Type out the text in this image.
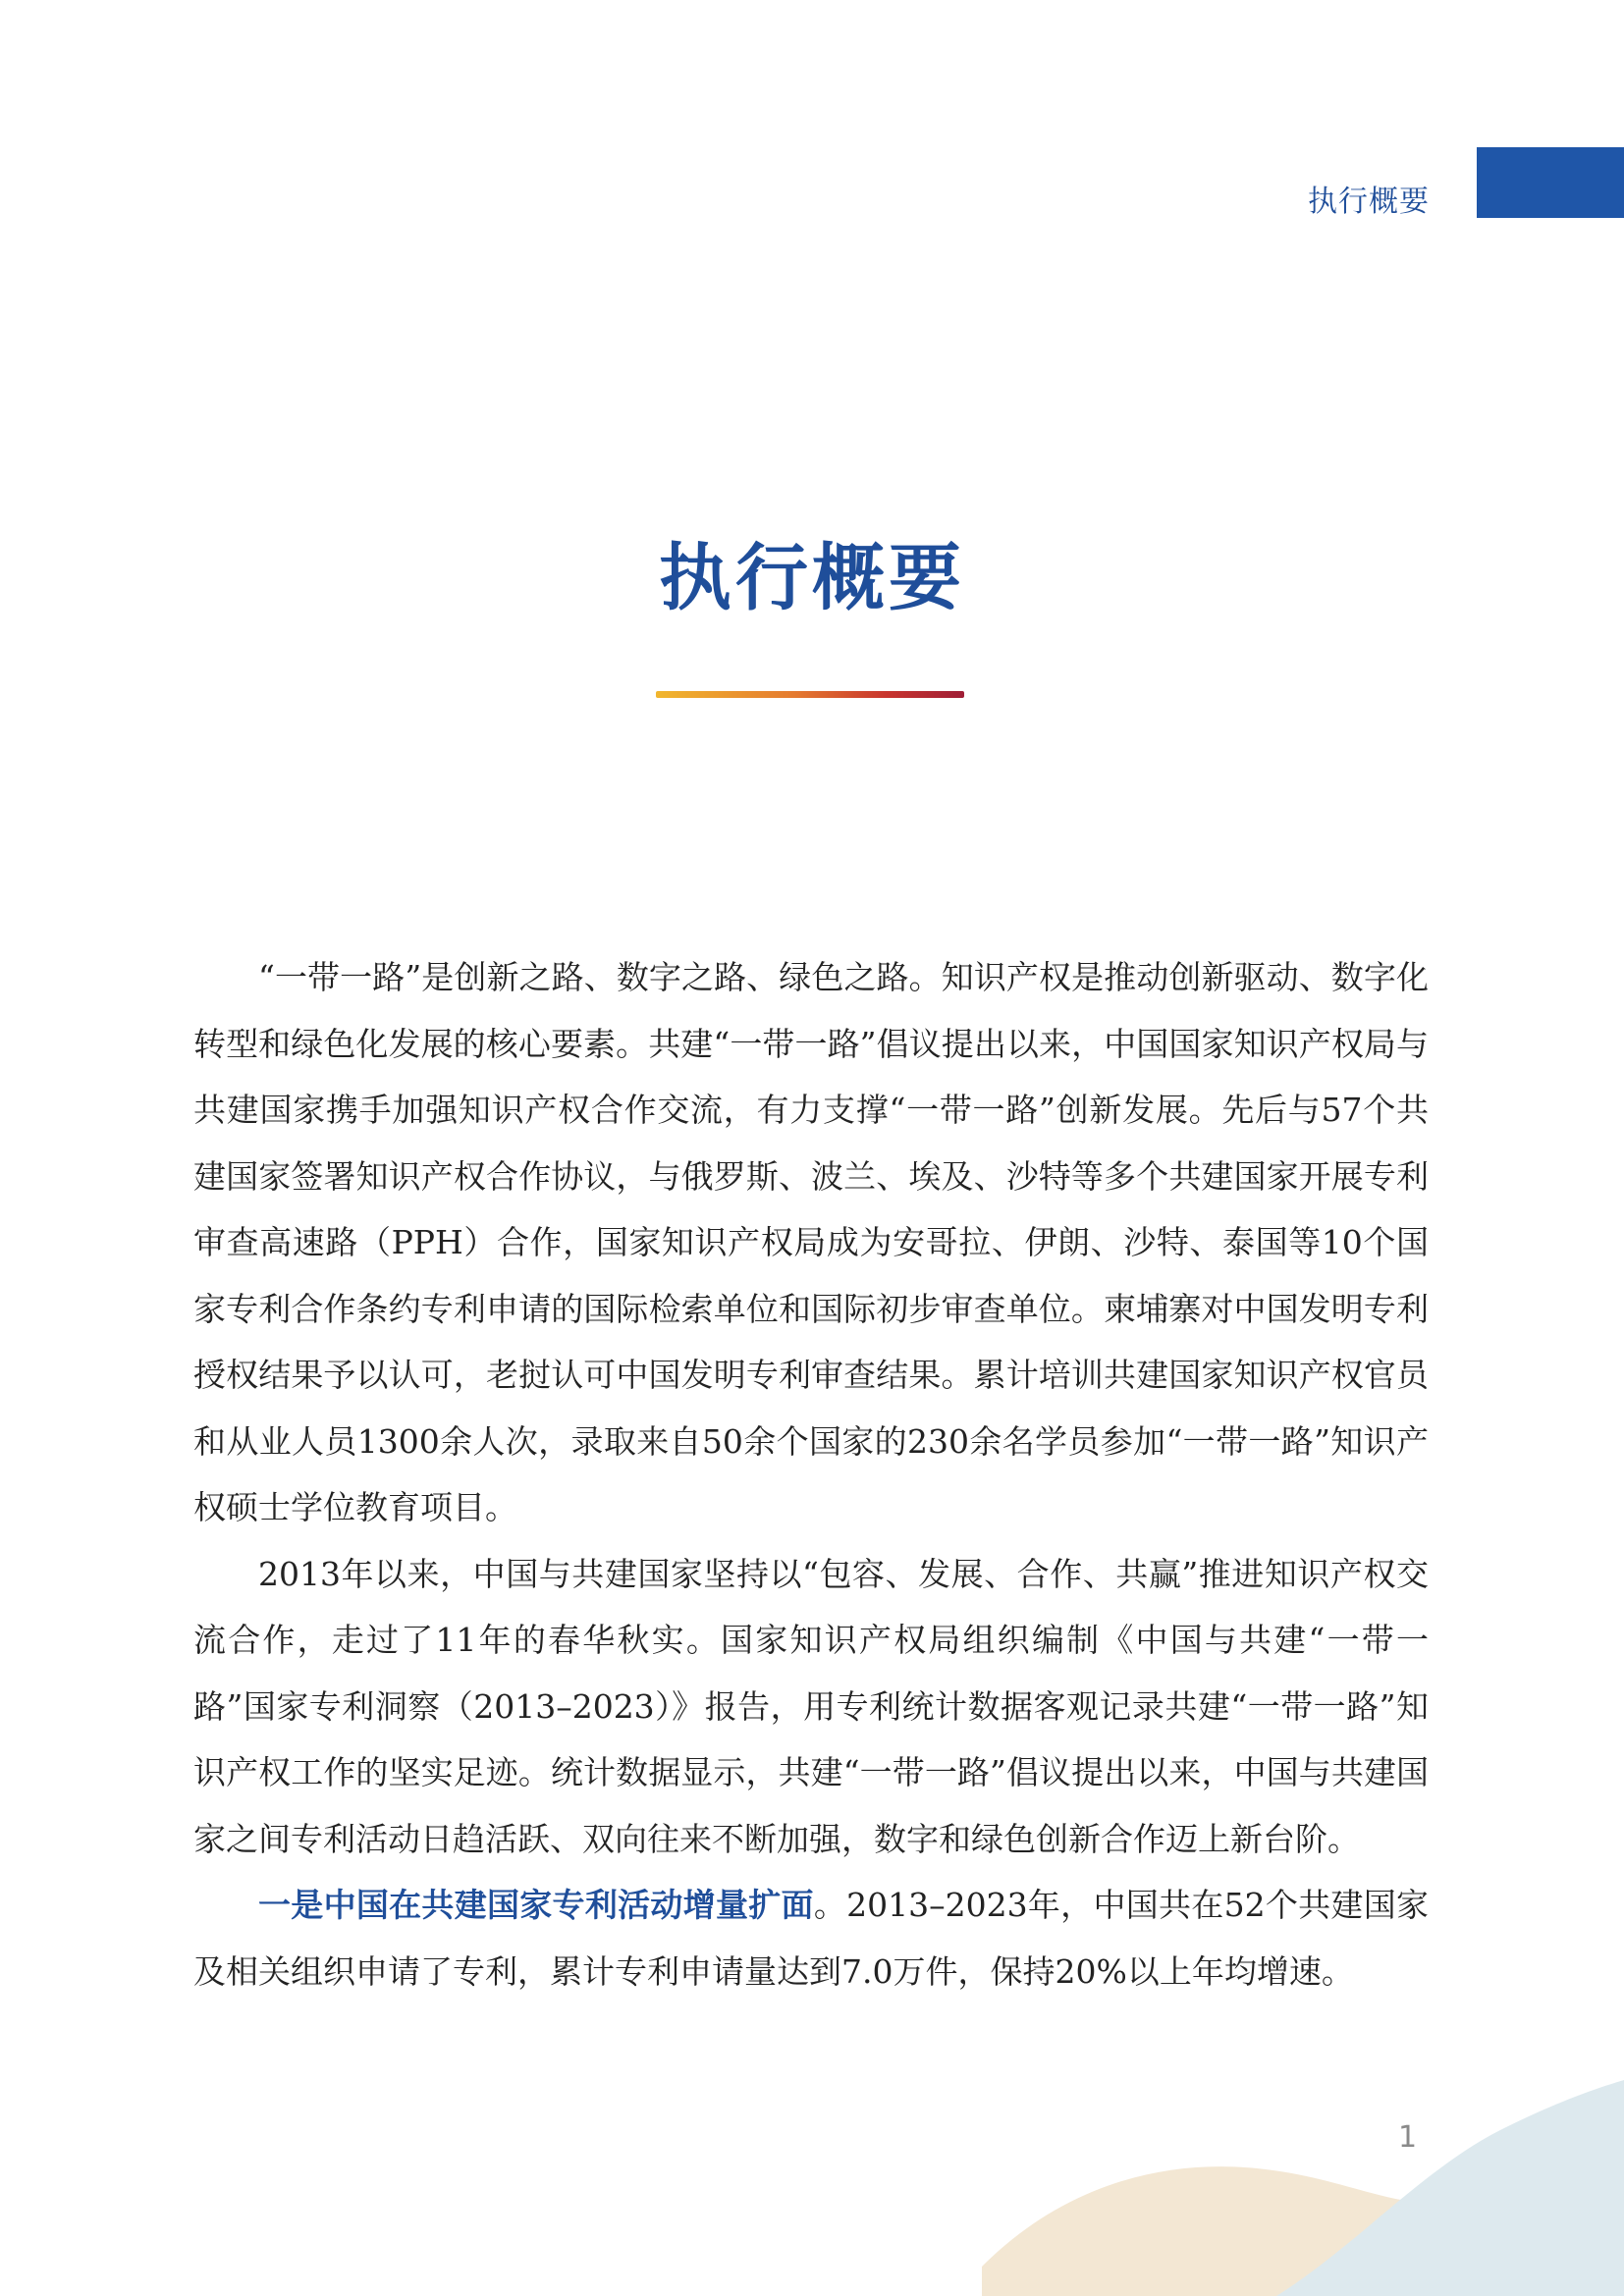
执行概要
执行概要

“一带一路”是创新之路、数字之路、绿色之路。知识产权是推动创新驱动、数字化转型和绿色化发展的核心要素。共建“一带一路”倡议提出以来，中国国家知识产权局与共建国家携手加强知识产权合作交流，有力支撑“一带一路”创新发展。先后与57个共建国家签署知识产权合作协议，与俄罗斯、波兰、埃及、沙特等多个共建国家开展专利审查高速路（PPH）合作，国家知识产权局成为安哥拉、伊朗、沙特、泰国等10个国家专利合作条约专利申请的国际检索单位和国际初步审查单位。柬埔寨对中国发明专利授权结果予以认可，老挝认可中国发明专利审查结果。累计培训共建国家知识产权官员和从业人员1300余人次，录取来自50余个国家的230余名学员参加“一带一路”知识产权硕士学位教育项目。

2013年以来，中国与共建国家坚持以“包容、发展、合作、共赢”推进知识产权交流合作，走过了11年的春华秋实。国家知识产权局组织编制《中国与共建“一带一路”国家专利洞察（2013–2023）》报告，用专利统计数据客观记录共建“一带一路”知识产权工作的坚实足迹。统计数据显示，共建“一带一路”倡议提出以来，中国与共建国家之间专利活动日趋活跃、双向往来不断加强，数字和绿色创新合作迈上新台阶。

一是中国在共建国家专利活动增量扩面。2013–2023年，中国共在52个共建国家及相关组织申请了专利，累计专利申请量达到7.0万件，保持20%以上年均增速。

1
